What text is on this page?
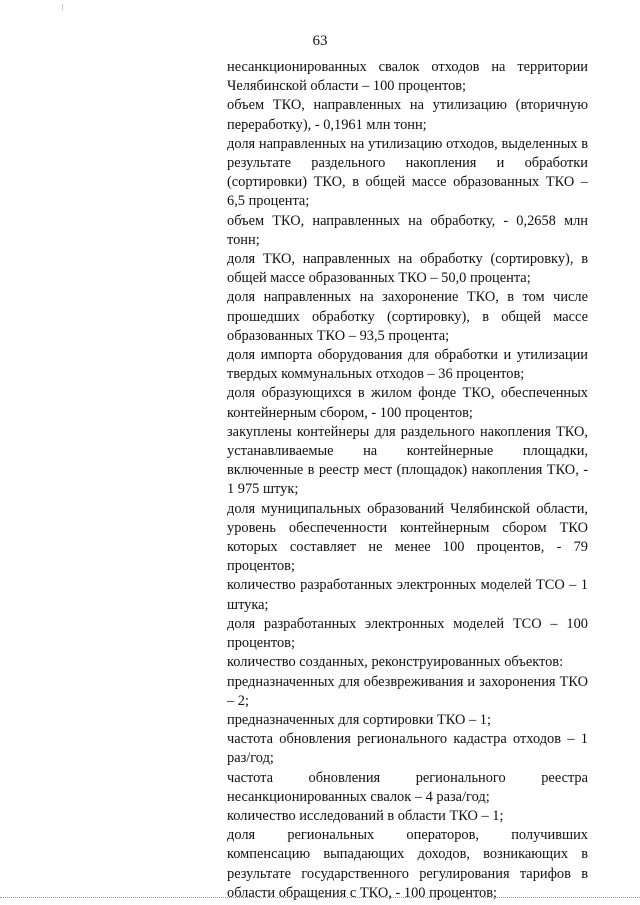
63

несанкционированных свалок отходов на территории Челябинской области – 100 процентов;

объем ТКО, направленных на утилизацию (вторичную переработку), - 0,1961 млн тонн;

доля направленных на утилизацию отходов, выделенных в результате раздельного накопления и обработки (сортировки) ТКО, в общей массе образованных ТКО – 6,5 процента;

объем ТКО, направленных на обработку, - 0,2658 млн тонн;

доля ТКО, направленных на обработку (сортировку), в общей массе образованных ТКО – 50,0 процента;

доля направленных на захоронение ТКО, в том числе прошедших обработку (сортировку), в общей массе образованных ТКО – 93,5 процента;

доля импорта оборудования для обработки и утилизации твердых коммунальных отходов – 36 процентов;

доля образующихся в жилом фонде ТКО, обеспеченных контейнерным сбором, - 100 процентов;

закуплены контейнеры для раздельного накопления ТКО, устанавливаемые на контейнерные площадки, включенные в реестр мест (площадок) накопления ТКО, - 1 975 штук;

доля муниципальных образований Челябинской области, уровень обеспеченности контейнерным сбором ТКО которых составляет не менее 100 процентов, - 79 процентов;

количество разработанных электронных моделей ТСО – 1 штука;

доля разработанных электронных моделей ТСО – 100 процентов;

количество созданных, реконструированных объектов:

предназначенных для обезвреживания и захоронения ТКО – 2;

предназначенных для сортировки ТКО – 1;

частота обновления регионального кадастра отходов – 1 раз/год;

частота обновления регионального реестра несанкционированных свалок – 4 раза/год;

количество исследований в области ТКО – 1;

доля региональных операторов, получивших компенсацию выпадающих доходов, возникающих в результате государственного регулирования тарифов в области обращения с ТКО, - 100 процентов;
